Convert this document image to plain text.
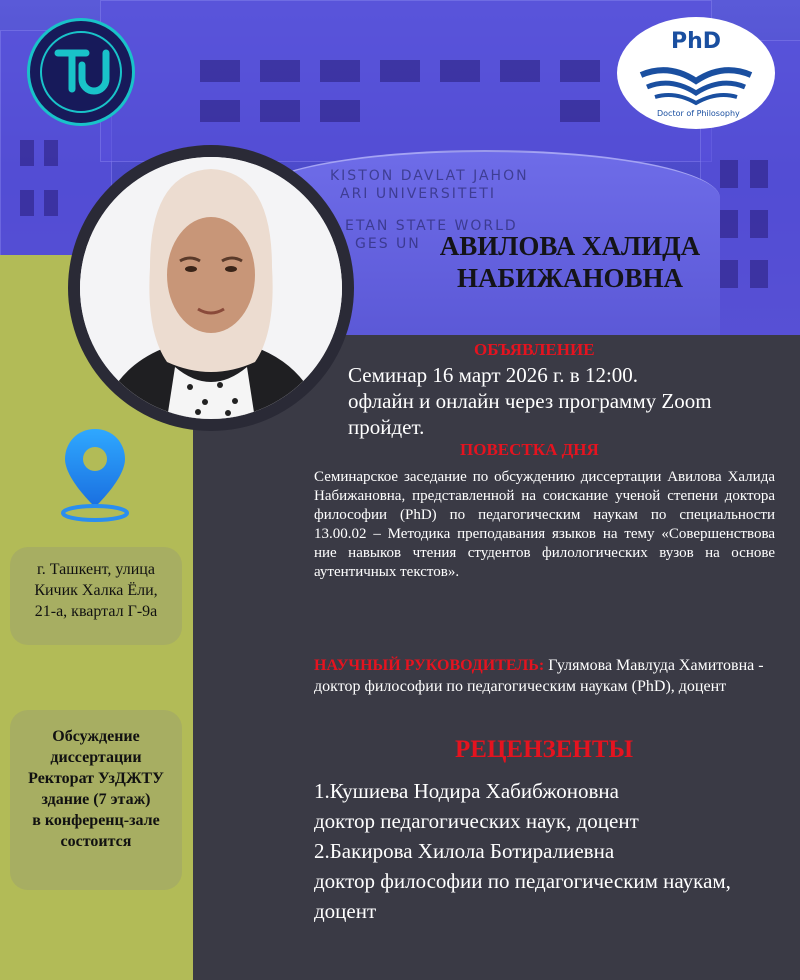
KISTON DAVLAT JAHON
ARI UNIVERSITETI
ETAN STATE WORLD
GES UN
PhD
Doctor of Philosophy
АВИЛОВА ХАЛИДА
НАБИЖАНОВНА
ОБЪЯВЛЕНИЕ
Семинар 16 март 2026 г. в 12:00.
офлайн и онлайн через программу Zoom
пройдет.
ПОВЕСТКА ДНЯ
Семинарское заседание по обсуждению диссертации Авилова Халида Набижановна, представленной на соискание ученой степени доктора философии (PhD) по педагогическим наукам по специальности 13.00.02 – Методика преподавания языков на тему «Совершенствова ние навыков чтения студентов филологических вузов на основе аутентичных текстов».
НАУЧНЫЙ РУКОВОДИТЕЛЬ: Гулямова Мавлуда Хамитовна - доктор философии по педагогическим наукам (PhD), доцент
РЕЦЕНЗЕНТЫ
1.Кушиева Нодира Хабибжоновна
доктор педагогических наук, доцент
2.Бакирова Хилола Ботиралиевна
доктор философии по педагогическим наукам,
доцент
г. Ташкент, улица
Кичик Халка Ёли,
21-а, квартал Г-9а
Обсуждение
диссертации
Ректорат УзДЖТУ
здание (7 этаж)
в конференц-зале
состоится
